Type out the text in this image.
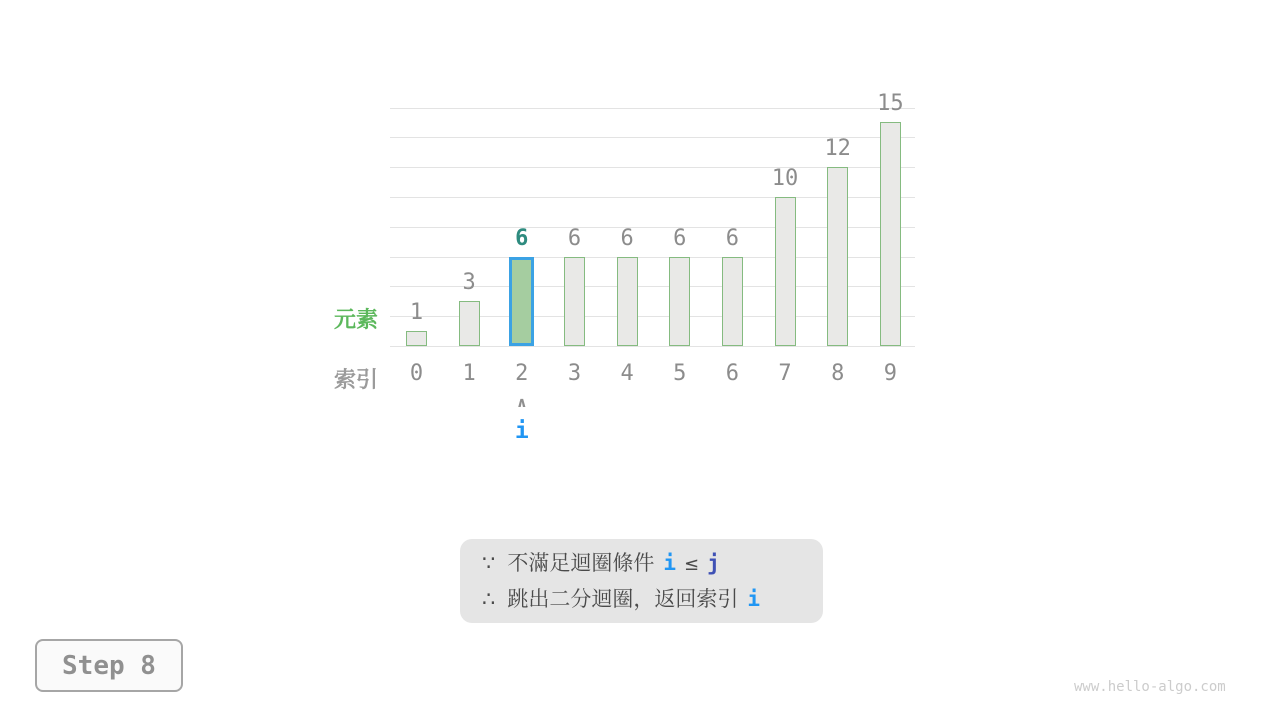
1
0
3
1
6
2
6
3
6
4
6
5
6
6
10
7
12
8
15
9
元素
索引
∧
i
∵ 不滿足迴圈條件 i ≤ j
∴ 跳出二分迴圈，返回索引 i
Step 8
www.hello-algo.com
